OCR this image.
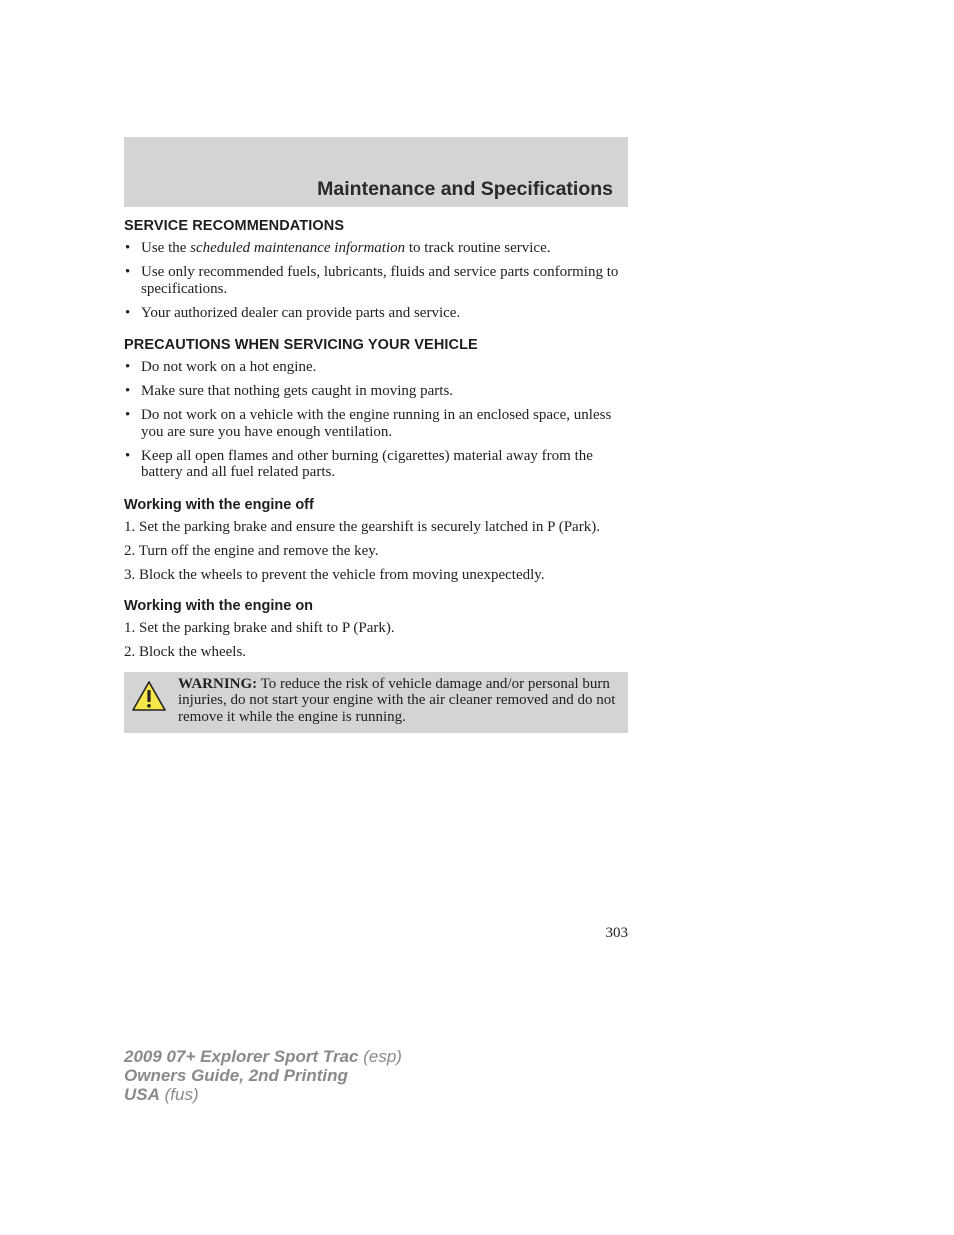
Maintenance and Specifications
SERVICE RECOMMENDATIONS
• Use the scheduled maintenance information to track routine service.
• Use only recommended fuels, lubricants, fluids and service parts conforming to specifications.
• Your authorized dealer can provide parts and service.
PRECAUTIONS WHEN SERVICING YOUR VEHICLE
• Do not work on a hot engine.
• Make sure that nothing gets caught in moving parts.
• Do not work on a vehicle with the engine running in an enclosed space, unless you are sure you have enough ventilation.
• Keep all open flames and other burning (cigarettes) material away from the battery and all fuel related parts.
Working with the engine off

1. Set the parking brake and ensure the gearshift is securely latched in P (Park).

2. Turn off the engine and remove the key.

3. Block the wheels to prevent the vehicle from moving unexpectedly.

Working with the engine on

1. Set the parking brake and shift to P (Park).

2. Block the wheels.

WARNING: To reduce the risk of vehicle damage and/or personal burn injuries, do not start your engine with the air cleaner removed and do not remove it while the engine is running.
303
2009 07+ Explorer Sport Trac (esp)
Owners Guide, 2nd Printing
USA (fus)
